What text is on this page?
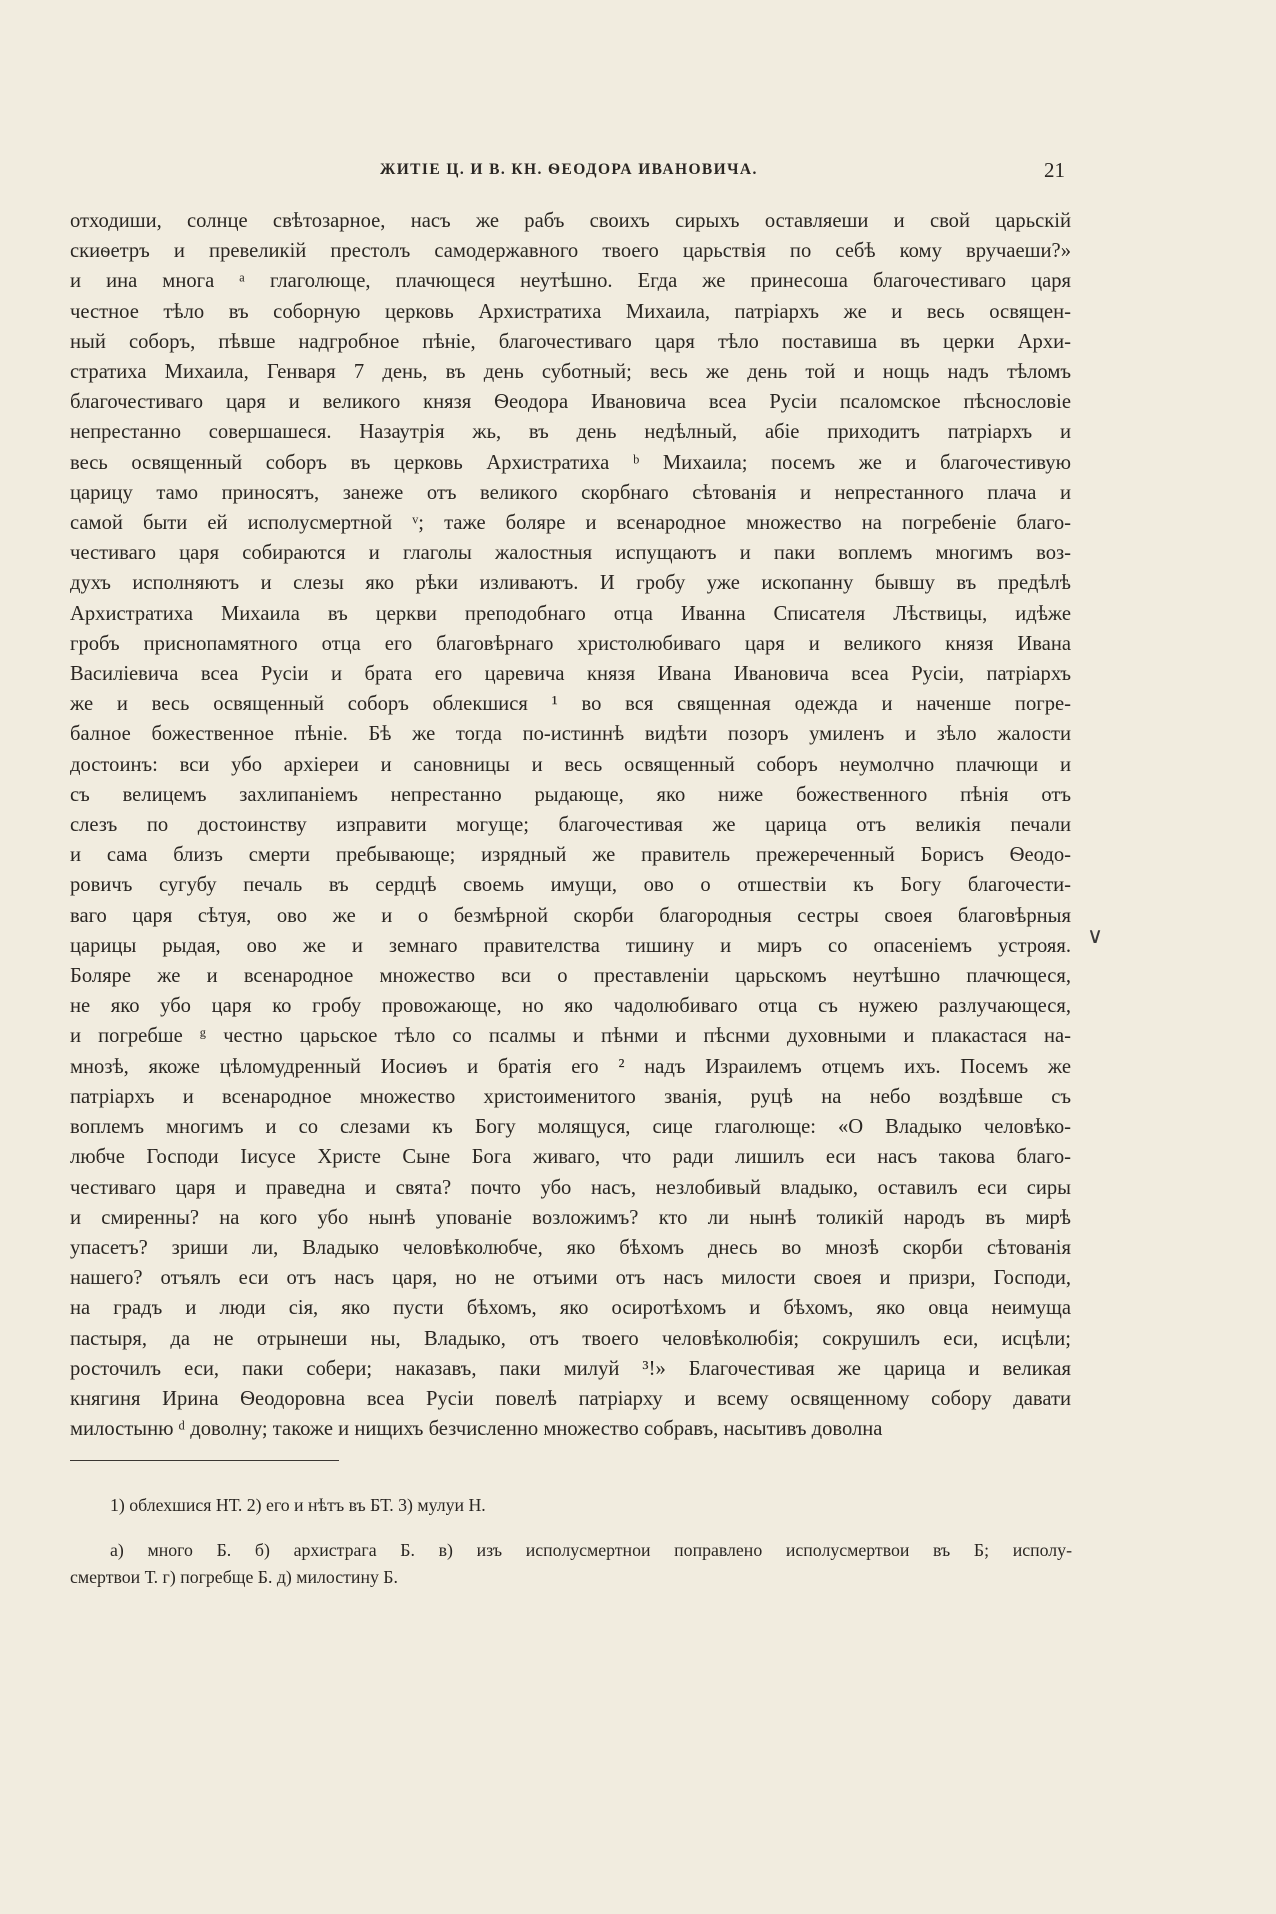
ЖИТІЕ Ц. И В. КН. ѲЕОДОРА ИВАНОВИЧА.	21
отходиши, солнце свѣтозарное, насъ же рабъ своихъ сирыхъ оставляеши и свой царьскій
скиѳетръ и превеликій престолъ самодержавного твоего царьствія по себѣ кому вручаеши?»
и ина многа ᵃ глаголюще, плачющеся неутѣшно. Егда же принесоша благочестиваго царя
честное тѣло въ соборную церковь Архистратиха Михаила, патріархъ же и весь освящен-
ный соборъ, пѣвше надгробное пѣніе, благочестиваго царя тѣло поставиша въ церки Архи-
стратиха Михаила, Генваря 7 день, въ день суботный; весь же день той и нощь надъ тѣломъ
благочестиваго царя и великого князя Ѳеодора Ивановича всеа Русіи псаломское пѣснословіе
непрестанно совершашеся. Назаутрія жь, въ день недѣлный, абіе приходитъ патріархъ и
весь освященный соборъ въ церковь Архистратиха ᵇ Михаила; посемъ же и благочестивую
царицу тамо приносятъ, занеже отъ великого скорбнаго сѣтованія и непрестанного плача и
самой быти ей исполусмертной ᵛ; таже боляре и всенародное множество на погребеніе благо-
честиваго царя собираются и глаголы жалостныя испущаютъ и паки воплемъ многимъ воз-
духъ исполняютъ и слезы яко рѣки изливаютъ. И гробу уже ископанну бывшу въ предѣлѣ
Архистратиха Михаила въ церкви преподобнаго отца Иванна Списателя Лѣствицы, идѣже
гробъ приснопамятного отца его благовѣрнаго христолюбиваго царя и великого князя Ивана
Василіевича всеа Русіи и брата его царевича князя Ивана Ивановича всеа Русіи, патріархъ
же и весь освященный соборъ облекшися ¹ во вся священная одежда и наченше погре-
балное божественное пѣніе. Бѣ же тогда по-истиннѣ видѣти позоръ умиленъ и зѣло жалости
достоинъ: вси убо архіереи и сановницы и весь освященный соборъ неумолчно плачющи и
съ велицемъ захлипаніемъ непрестанно рыдающе, яко ниже божественного пѣнія отъ
слезъ по достоинству изправити могуще; благочестивая же царица отъ великія печали
и сама близъ смерти пребывающе; изрядный же правитель прежереченный Борисъ Ѳеодо-
ровичъ сугубу печаль въ сердцѣ своемь имущи, ово о отшествіи къ Богу благочести-
ваго царя сѣтуя, ово же и о безмѣрной скорби благородныя сестры своея благовѣрныя
царицы рыдая, ово же и земнаго правителства тишину и миръ со опасеніемъ устрояя.
Боляре же и всенародное множество вси о преставленіи царьскомъ неутѣшно плачющеся,
не яко убо царя ко гробу провожающе, но яко чадолюбиваго отца съ нужею разлучающеся,
и погребше ᵍ честно царьское тѣло со псалмы и пѣнми и пѣснми духовными и плакастася на-
мнозѣ, якоже цѣломудренный Иосиѳъ и братія его ² надъ Израилемъ отцемъ ихъ. Посемъ же
патріархъ и всенародное множество христоименитого званія, руцѣ на небо воздѣвше съ
воплемъ многимъ и со слезами къ Богу молящуся, сице глаголюще: «О Владыко человѣко-
любче Господи Іисусе Христе Сыне Бога живаго, что ради лишилъ еси насъ такова благо-
честиваго царя и праведна и свята? почто убо насъ, незлобивый владыко, оставилъ еси сиры
и смиренны? на кого убо нынѣ упованіе возложимъ? кто ли нынѣ толикій народъ въ мирѣ
упасетъ? зриши ли, Владыко человѣколюбче, яко бѣхомъ днесь во мнозѣ скорби сѣтованія
нашего? отъялъ еси отъ насъ царя, но не отъими отъ насъ милости своея и призри, Господи,
на градъ и люди сія, яко пусти бѣхомъ, яко осиротѣхомъ и бѣхомъ, яко овца неимуща
пастыря, да не отрынеши ны, Владыко, отъ твоего человѣколюбія; сокрушилъ еси, исцѣли;
росточилъ еси, паки собери; наказавъ, паки милуй ³!» Благочестивая же царица и великая
княгиня Ирина Ѳеодоровна всеа Русіи повелѣ патріарху и всему освященному собору давати
милостыню ᵈ доволну; такоже и нищихъ безчисленно множество собравъ, насытивъ доволна
∨
1) облехшися НТ. 2) его и нѣтъ въ БТ. 3) мулуи Н.
а) много Б. б) архистрага Б. в) изъ исполусмертнои поправлено исполусмертвои въ Б; исполу-
смертвои Т. г) погребще Б. д) милостину Б.
